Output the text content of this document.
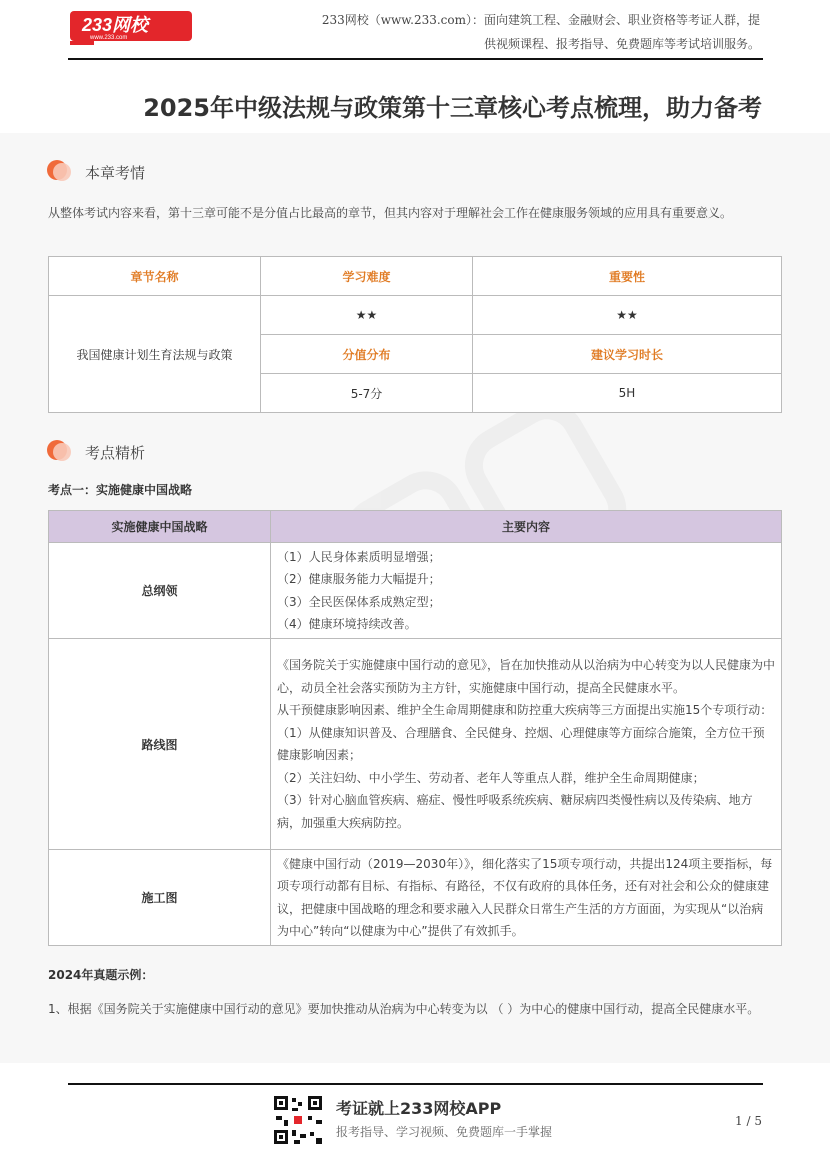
233网校
www.233.com
233网校（www.233.com）：面向建筑工程、金融财会、职业资格等考证人群，提
供视频课程、报考指导、免费题库等考试培训服务。
2025年中级法规与政策第十三章核心考点梳理，助力备考
本章考情

从整体考试内容来看，第十三章可能不是分值占比最高的章节，但其内容对于理解社会工作在健康服务领域的应用具有重要意义。

章节名称	学习难度	重要性
我国健康计划生育法规与政策	★★	★★
	分值分布	建议学习时长
	5-7分	5H
考点精析

考点一：实施健康中国战略

实施健康中国战略	主要内容
总纲领	（1）人民身体素质明显增强；
（2）健康服务能力大幅提升；
（3）全民医保体系成熟定型；
（4）健康环境持续改善。

路线图	《国务院关于实施健康中国行动的意见》，旨在加快推动从以治病为中心转变为以人民健康为中心，动员全社会落实预防为主方针，实施健康中国行动，提高全民健康水平。
从干预健康影响因素、维护全生命周期健康和防控重大疾病等三方面提出实施15个专项行动：
（1）从健康知识普及、合理膳食、全民健身、控烟、心理健康等方面综合施策，全方位干预健康影响因素；
（2）关注妇幼、中小学生、劳动者、老年人等重点人群，维护全生命周期健康；
（3）针对心脑血管疾病、癌症、慢性呼吸系统疾病、糖尿病四类慢性病以及传染病、地方病，加强重大疾病防控。

施工图	《健康中国行动（2019—2030年）》，细化落实了15项专项行动，共提出124项主要指标，每项专项行动都有目标、有指标、有路径，不仅有政府的具体任务，还有对社会和公众的健康建议，把健康中国战略的理念和要求融入人民群众日常生产生活的方方面面，为实现从“以治病为中心”转向“以健康为中心”提供了有效抓手。

2024年真题示例：

1、根据《国务院关于实施健康中国行动的意见》要加快推动从治病为中心转变为以 （ ）为中心的健康中国行动，提高全民健康水平。

考证就上233网校APP
报考指导、学习视频、免费题库一手掌握
1 / 5
